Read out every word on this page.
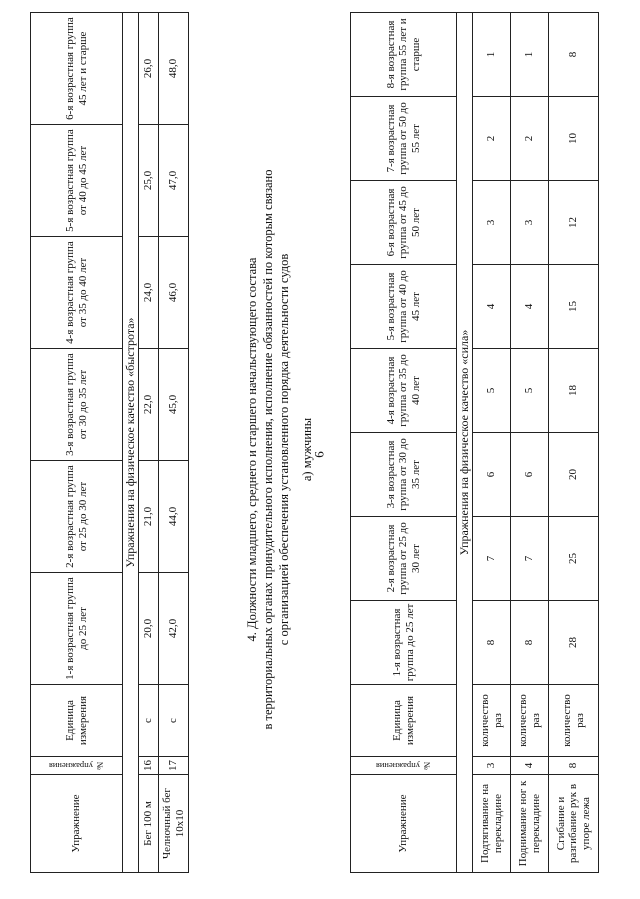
9
Упражнение	№ упражнения	Единица измерения	1-я возрастная группа до 25 лет	2-я возрастная группа от 25 до 30 лет	3-я возрастная группа от 30 до 35 лет	4-я возрастная группа от 35 до 40 лет	5-я возрастная группа от 40 до 45 лет	6-я возрастная группа 45 лет и старше
Упражнения на физическое качество «быстрота»								
Бег 100 м	16	с	20,0	21,0	22,0	24,0	25,0	26,0
Челночный бег 10х10	17	с	42,0	44,0	45,0	46,0	47,0	48,0
4. Должности младшего, среднего и старшего начальствующего состава в территориальных органах принудительного исполнения, исполнение обязанностей по которым связано с организацией обеспечения установленного порядка деятельности судов а) мужчины
Упражнение	№ упражнения	Единица измерения	1-я возрастная группа до 25 лет	2-я возрастная группа от 25 до 30 лет	3-я возрастная группа от 30 до 35 лет	4-я возрастная группа от 35 до 40 лет	5-я возрастная группа от 40 до 45 лет	6-я возрастная группа от 45 до 50 лет	7-я возрастная группа от 50 до 55 лет	8-я возрастная группа 55 лет и старше
Упражнения на физическое качество «сила»										
Подтягивание на перекладине	3	количество раз	8	7	6	5	4	3	2	1
Поднимание ног к перекладине	4	количество раз	8	7	6	5	4	3	2	1
Сгибание и разгибание рук в упоре лежа	8	количество раз	28	25	20	18	15	12	10	8
